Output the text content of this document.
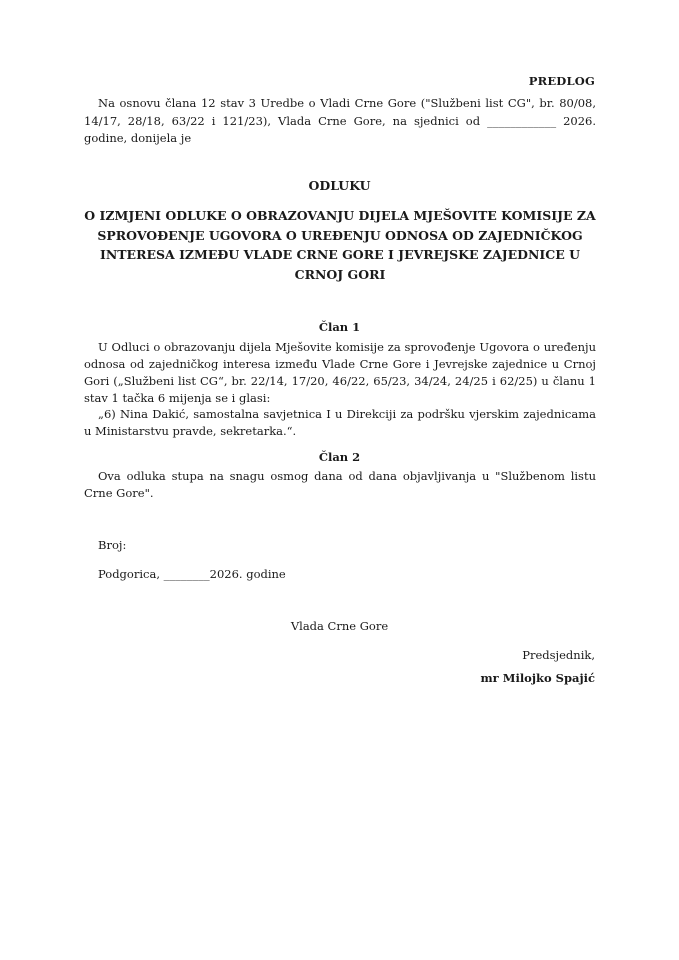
PREDLOG
Na osnovu člana 12 stav 3 Uredbe o Vladi Crne Gore ("Službeni list CG", br. 80/08, 14/17, 28/18, 63/22 i 121/23), Vlada Crne Gore, na sjednici od ____________ 2026. godine, donijela je
ODLUKU
O IZMJENI ODLUKE O OBRAZOVANJU DIJELA MJEŠOVITE KOMISIJE ZA SPROVOĐENJE UGOVORA O UREĐENJU ODNOSA OD ZAJEDNIČKOG INTERESA IZMEĐU VLADE CRNE GORE I JEVREJSKE ZAJEDNICE U CRNOJ GORI
Član 1
U Odluci o obrazovanju dijela Mješovite komisije za sprovođenje Ugovora o uređenju odnosa od zajedničkog interesa između Vlade Crne Gore i Jevrejske zajednice u Crnoj Gori („Službeni list CG“, br. 22/14, 17/20, 46/22, 65/23, 34/24, 24/25 i 62/25) u članu 1 stav 1 tačka 6 mijenja se i glasi:
„6) Nina Dakić, samostalna savjetnica I u Direkciji za podršku vjerskim zajednicama u Ministarstvu pravde, sekretarka.“.
Član 2
Ova odluka stupa na snagu osmog dana od dana objavljivanja u "Službenom listu Crne Gore".
Broj:
Podgorica, ________2026. godine
Vlada Crne Gore
Predsjednik,
mr Milojko Spajić
